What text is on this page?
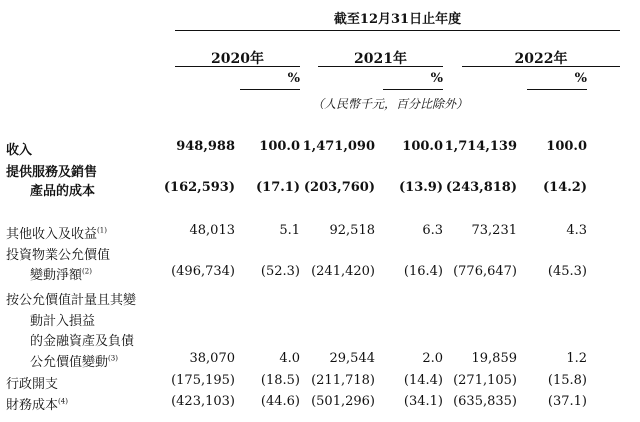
截至12月31日止年度
2020年	2021年	2022年
%	%	%
（人民幣千元，百分比除外）
收入	948,988 100.0 1,471,090 100.0 1,714,139 100.0
提供服務及銷售
產品的成本	(162,593) (17.1) (203,760) (13.9) (243,818) (14.2)
其他收入及收益$^{(1)}$	48,013	5.1 92,518	6.3 73,231	4.3
投資物業公允價值
變動淨額$^{(2)}$	(496,734) (52.3) (241,420) (16.4) (776,647) (45.3)
按公允價值計量且其變
動計入損益
的金融資產及負債
公允價值變動$^{(3)}$	38,070	4.0 29,544	2.0 19,859	1.2
行政開支	(175,195) (18.5) (211,718) (14.4) (271,105) (15.8)
財務成本$^{(4)}$	(423,103) (44.6) (501,296) (34.1) (635,835) (37.1)
